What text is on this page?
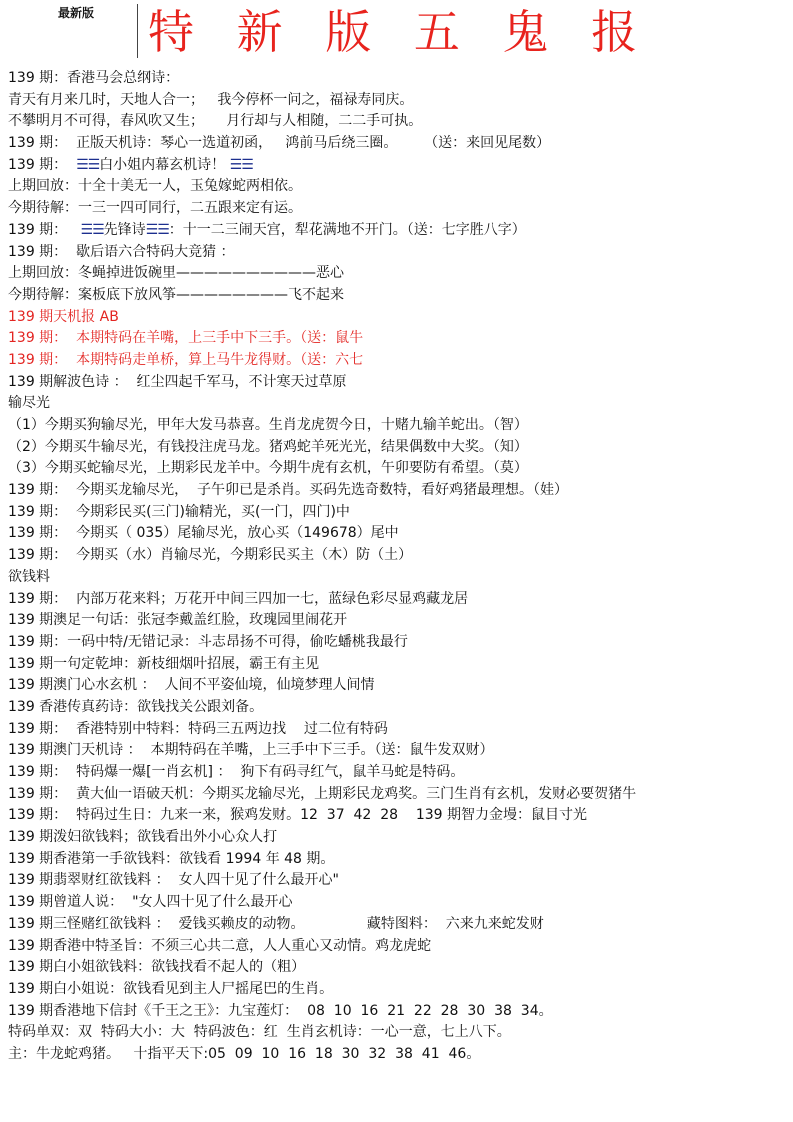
最新版 特 新 版 五 鬼 报
139 期：香港马会总纲诗：
青天有月来几时，天地人合一；   我今停杯一问之，福禄寿同庆。
不攀明月不可得，春风吹又生；     月行却与人相随，二二手可执。
139 期：  正版天机诗：琴心一选道初函，   鸿前马后绕三圈。      （送：来回见尾数）
139 期：  ☰☰白小姐内幕玄机诗！ ☰☰
上期回放：十全十美无一人，玉兔嫁蛇两相依。
今期待解：一三一四可同行，二五跟来定有运。
139 期：   ☰☰先锋诗☰☰：十一二三闹天宫，犁花满地不开门。（送：七字胜八字）
139 期：  歇后语六合特码大竞猜 ：
上期回放：冬蝇掉进饭碗里——————————恶心
今期待解：案板底下放风筝————————飞不起来
139 期天机报 AB
139 期：  本期特码在羊嘴，上三手中下三手。（送：鼠牛
139 期：  本期特码走单桥，算上马牛龙得财。（送：六七
139 期解波色诗 ：  红尘四起千军马，不计寒天过草原
输尽光
（1）今期买狗输尽光，甲年大发马恭喜。生肖龙虎贺今日，十赌九输羊蛇出。（智）
（2）今期买牛输尽光，有钱投注虎马龙。猪鸡蛇羊死光光，结果偶数中大奖。（知）
（3）今期买蛇输尽光，上期彩民龙羊中。今期牛虎有玄机，午卯要防有希望。（莫）
139 期：  今期买龙输尽光，  子午卯已是杀肖。买码先选奇数特，看好鸡猪最理想。（娃）
139 期：  今期彩民买(三门)输精光，买(一门，四门)中
139 期：  今期买（ 035）尾输尽光，放心买（149678）尾中
139 期：  今期买（水）肖输尽光，今期彩民买主（木）防（土）
欲钱料
139 期：  内部万花来料；万花开中间三四加一七，蓝绿色彩尽显鸡藏龙居
139 期澳足一句话：张冠李戴盖红脸，玫瑰园里闹花开
139 期：一码中特/无错记录：斗志昂扬不可得，偷吃蟠桃我最行
139 期一句定乾坤：新枝细烟叶招展，霸王有主见
139 期澳门心水玄机 ：  人间不平姿仙境，仙境梦理人间情
139 香港传真药诗：欲钱找关公跟刘备。
139 期：  香港特别中特料：特码三五两边找    过二位有特码
139 期澳门天机诗 ：  本期特码在羊嘴，上三手中下三手。（送：鼠牛发双财）
139 期：  特码爆一爆[一肖玄机] ：  狗下有码寻红气，鼠羊马蛇是特码。
139 期：  黄大仙一语破天机：今期买龙输尽光，上期彩民龙鸡奖。三门生肖有玄机，发财必要贺猪牛
139 期：  特码过生日：九来一来，猴鸡发财。12  37  42  28    139 期智力金墁：鼠目寸光
139 期泼妇欲钱料；欲钱看出外小心众人打
139 期香港第一手欲钱料：欲钱看 1994 年 48 期。
139 期翡翠财红欲钱料 ：  女人四十见了什么最开心"
139 期曾道人说：  "女人四十见了什么最开心
139 期三怪赌红欲钱料 ：  爱钱买赖皮的动物。              藏特图料：  六来九来蛇发财
139 期香港中特圣旨：不须三心共二意，人人重心又动情。鸡龙虎蛇
139 期白小姐欲钱料：欲钱找看不起人的（粗）
139 期白小姐说：欲钱看见到主人尸摇尾巴的生肖。
139 期香港地下信封《千王之王》：九宝莲灯：  08  10  16  21  22  28  30  38  34。
特码单双：双  特码大小：大  特码波色：红  生肖玄机诗：一心一意，七上八下。
主：牛龙蛇鸡猪。   十指平天下:05  09  10  16  18  30  32  38  41  46。
